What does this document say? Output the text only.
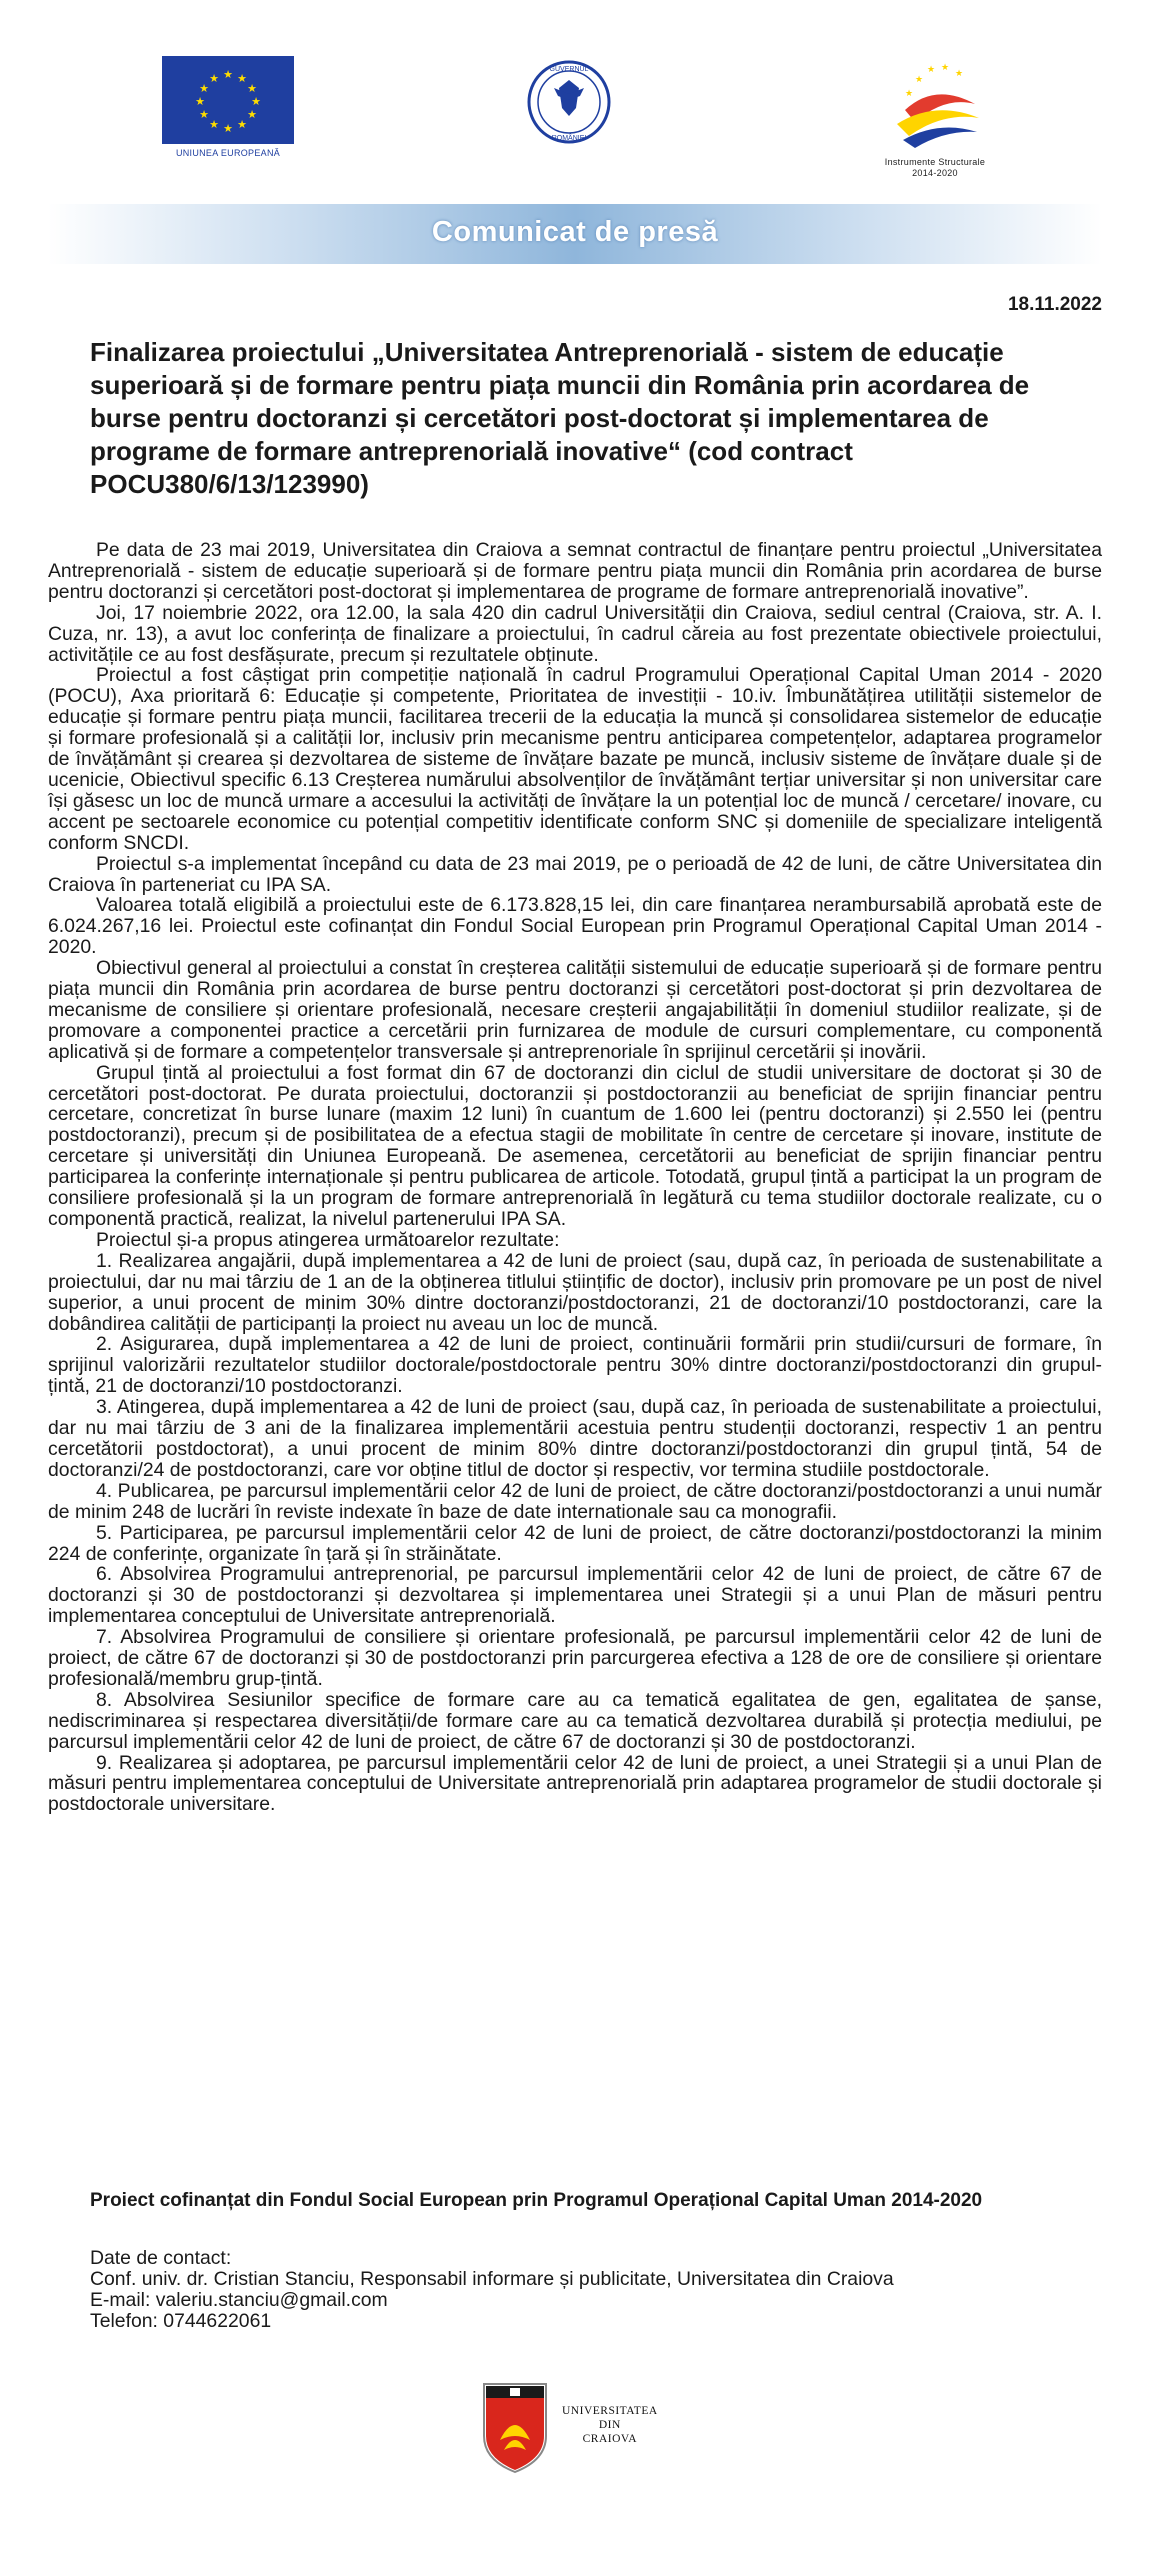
★ ★
★
★
★
★
★
★
★
★
★
★
UNIUNEA EUROPEANĂ
GUVERNUL
ROMÂNIEI
★
★ ★
★
★
Instrumente Structurale
2014-2020
Comunicat de presă
18.11.2022
Finalizarea proiectului „Universitatea Antreprenorială - sistem de educație superioară și de formare pentru piața muncii din România prin acordarea de burse pentru doctoranzi și cercetători post-doctorat și implementarea de programe de formare antreprenorială inovative“ (cod contract POCU380/6/13/123990)

Pe data de 23 mai 2019, Universitatea din Craiova a semnat contractul de finanțare pentru proiectul „Universitatea Antreprenorială - sistem de educație superioară și de formare pentru piața muncii din România prin acordarea de burse pentru doctoranzi și cercetători post-doctorat și implementarea de programe de formare antreprenorială inovative”.

Joi, 17 noiembrie 2022, ora 12.00, la sala 420 din cadrul Universității din Craiova, sediul central (Craiova, str. A. I. Cuza, nr. 13), a avut loc conferința de finalizare a proiectului, în cadrul căreia au fost prezentate obiectivele proiectului, activitățile ce au fost desfășurate, precum și rezultatele obținute.

Proiectul a fost câștigat prin competiție națională în cadrul Programului Operațional Capital Uman 2014 - 2020 (POCU), Axa prioritară 6: Educație și competente, Prioritatea de investiții - 10.iv. Îmbunătățirea utilității sistemelor de educație și formare pentru piața muncii, facilitarea trecerii de la educația la muncă și consolidarea sistemelor de educație și formare profesională și a calității lor, inclusiv prin mecanisme pentru anticiparea competențelor, adaptarea programelor de învățământ și crearea și dezvoltarea de sisteme de învățare bazate pe muncă, inclusiv sisteme de învățare duale și de ucenicie, Obiectivul specific 6.13 Creșterea numărului absolvenților de învățământ terțiar universitar și non universitar care își găsesc un loc de muncă urmare a accesului la activități de învățare la un potențial loc de muncă / cercetare/ inovare, cu accent pe sectoarele economice cu potențial competitiv identificate conform SNC și domeniile de specializare inteligentă conform SNCDI.

Proiectul s-a implementat începând cu data de 23 mai 2019, pe o perioadă de 42 de luni, de către Universitatea din Craiova în parteneriat cu IPA SA.

Valoarea totală eligibilă a proiectului este de 6.173.828,15 lei, din care finanțarea nerambursabilă aprobată este de 6.024.267,16 lei. Proiectul este cofinanțat din Fondul Social European prin Programul Operațional Capital Uman 2014 - 2020.

Obiectivul general al proiectului a constat în creșterea calității sistemului de educație superioară și de formare pentru piața muncii din România prin acordarea de burse pentru doctoranzi și cercetători post-doctorat și prin dezvoltarea de mecanisme de consiliere și orientare profesională, necesare creșterii angajabilității în domeniul studiilor realizate, și de promovare a componentei practice a cercetării prin furnizarea de module de cursuri complementare, cu componentă aplicativă și de formare a competențelor transversale și antreprenoriale în sprijinul cercetării și inovării.

Grupul țintă al proiectului a fost format din 67 de doctoranzi din ciclul de studii universitare de doctorat și 30 de cercetători post-doctorat. Pe durata proiectului, doctoranzii și postdoctoranzii au beneficiat de sprijin financiar pentru cercetare, concretizat în burse lunare (maxim 12 luni) în cuantum de 1.600 lei (pentru doctoranzi) și 2.550 lei (pentru postdoctoranzi), precum și de posibilitatea de a efectua stagii de mobilitate în centre de cercetare și inovare, institute de cercetare și universități din Uniunea Europeană. De asemenea, cercetătorii au beneficiat de sprijin financiar pentru participarea la conferințe internaționale și pentru publicarea de articole. Totodată, grupul țintă a participat la un program de consiliere profesională și la un program de formare antreprenorială în legătură cu tema studiilor doctorale realizate, cu o componentă practică, realizat, la nivelul partenerului IPA SA.

Proiectul și-a propus atingerea următoarelor rezultate:

1. Realizarea angajării, după implementarea a 42 de luni de proiect (sau, după caz, în perioada de sustenabilitate a proiectului, dar nu mai târziu de 1 an de la obținerea titlului științific de doctor), inclusiv prin promovare pe un post de nivel superior, a unui procent de minim 30% dintre doctoranzi/postdoctoranzi, 21 de doctoranzi/10 postdoctoranzi, care la dobândirea calității de participanți la proiect nu aveau un loc de muncă.

2. Asigurarea, după implementarea a 42 de luni de proiect, continuării formării prin studii/cursuri de formare, în sprijinul valorizării rezultatelor studiilor doctorale/postdoctorale pentru 30% dintre doctoranzi/postdoctoranzi din grupul-țintă, 21 de doctoranzi/10 postdoctoranzi.

3. Atingerea, după implementarea a 42 de luni de proiect (sau, după caz, în perioada de sustenabilitate a proiectului, dar nu mai târziu de 3 ani de la finalizarea implementării acestuia pentru studenții doctoranzi, respectiv 1 an pentru cercetătorii postdoctorat), a unui procent de minim 80% dintre doctoranzi/postdoctoranzi din grupul țintă, 54 de doctoranzi/24 de postdoctoranzi, care vor obține titlul de doctor și respectiv, vor termina studiile postdoctorale.

4. Publicarea, pe parcursul implementării celor 42 de luni de proiect, de către doctoranzi/postdoctoranzi a unui număr de minim 248 de lucrări în reviste indexate în baze de date internationale sau ca monografii.

5. Participarea, pe parcursul implementării celor 42 de luni de proiect, de către doctoranzi/postdoctoranzi la minim 224 de conferințe, organizate în țară și în străinătate.

6. Absolvirea Programului antreprenorial, pe parcursul implementării celor 42 de luni de proiect, de către 67 de doctoranzi și 30 de postdoctoranzi și dezvoltarea și implementarea unei Strategii și a unui Plan de măsuri pentru implementarea conceptului de Universitate antreprenorială.

7. Absolvirea Programului de consiliere și orientare profesională, pe parcursul implementării celor 42 de luni de proiect, de către 67 de doctoranzi și 30 de postdoctoranzi prin parcurgerea efectiva a 128 de ore de consiliere și orientare profesională/membru grup-țintă.

8. Absolvirea Sesiunilor specifice de formare care au ca tematică egalitatea de gen, egalitatea de șanse, nediscriminarea și respectarea diversității/de formare care au ca tematică dezvoltarea durabilă și protecția mediului, pe parcursul implementării celor 42 de luni de proiect, de către 67 de doctoranzi și 30 de postdoctoranzi.

9. Realizarea și adoptarea, pe parcursul implementării celor 42 de luni de proiect, a unei Strategii și a unui Plan de măsuri pentru implementarea conceptului de Universitate antreprenorială prin adaptarea programelor de studii doctorale și postdoctorale universitare.

Proiect cofinanțat din Fondul Social European prin Programul Operațional Capital Uman 2014-2020
Date de contact:
Conf. univ. dr. Cristian Stanciu, Responsabil informare și publicitate, Universitatea din Craiova
E-mail: valeriu.stanciu@gmail.com
Telefon: 0744622061
UNIVERSITATEA
DIN
CRAIOVA
